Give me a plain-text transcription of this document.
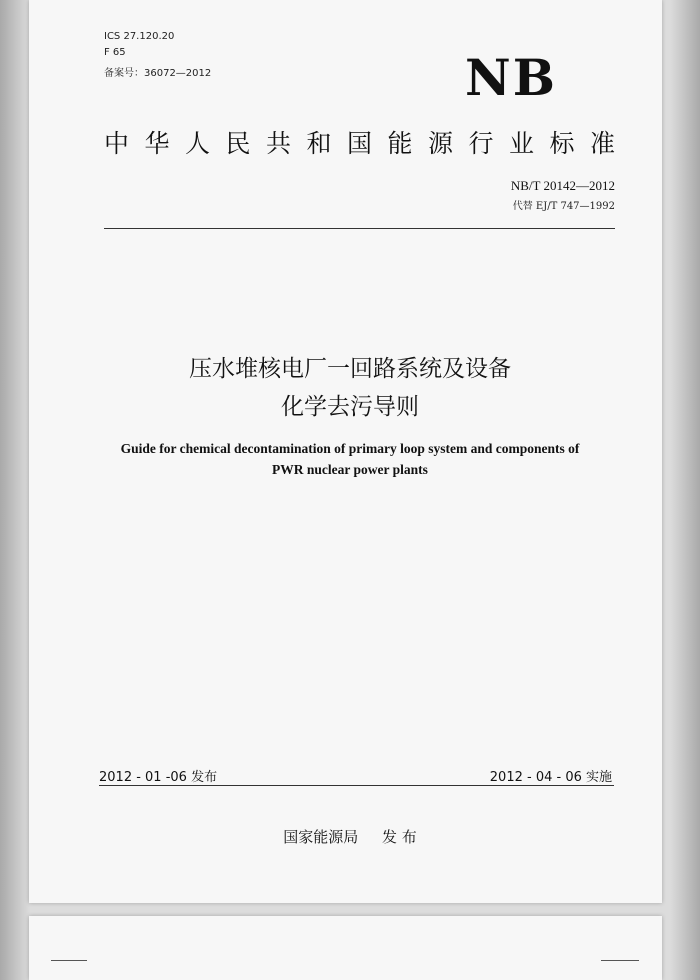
ICS 27.120.20
F 65
备案号：36072—2012	NB
中华人民共和国能源行业标准
NB/T 20142—2012
代替 EJ/T 747—1992
压水堆核电厂一回路系统及设备
化学去污导则
Guide for chemical decontamination of primary loop system and components of
PWR nuclear power plants
2012 - 01 -06 发布	2012 - 04 - 06 实施
国家能源局     发 布
